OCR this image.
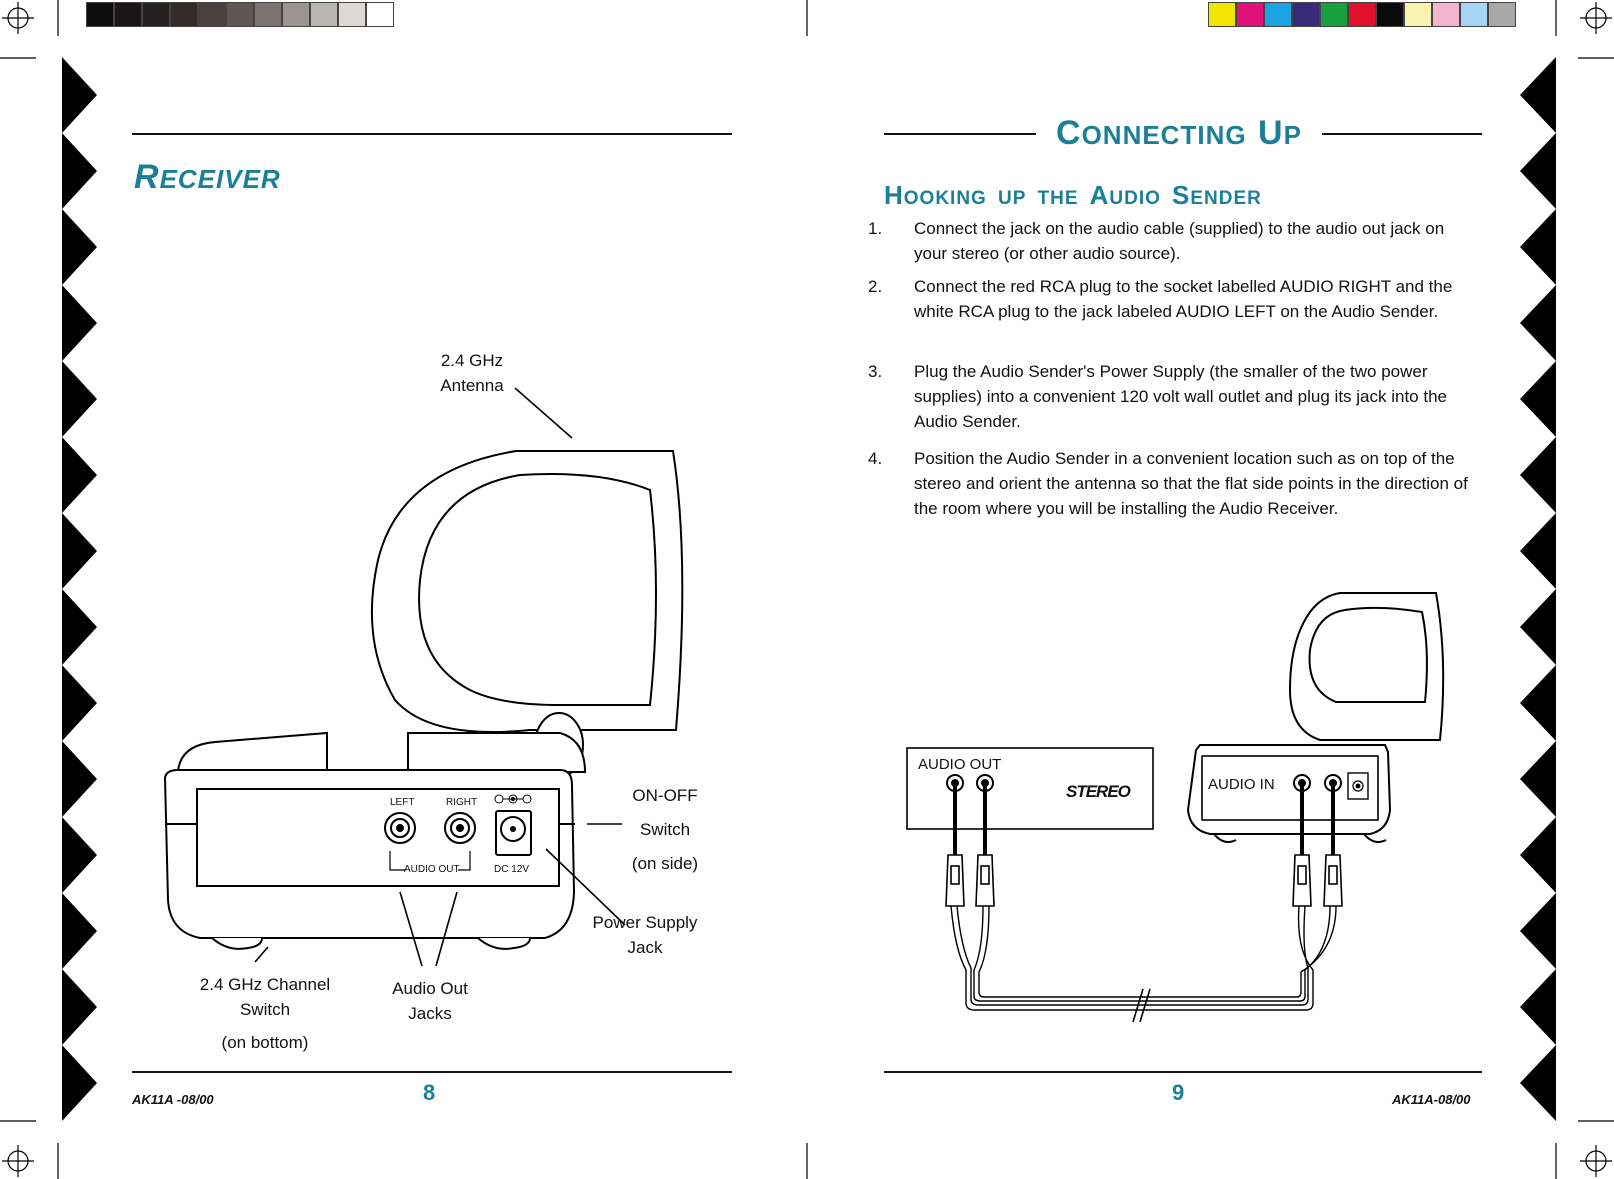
RECEIVER
2.4 GHz
Antenna
LEFT	RIGHT
AUDIO OUT	DC 12V
ON-OFF
Switch
(on side)
Power Supply
Jack
2.4 GHz Channel
Switch
(on bottom)
Audio Out
Jacks
8
AK11A -08/00
CONNECTING UP
HOOKING UP THE AUDIO SENDER
1. Connect the jack on the audio cable (supplied) to the audio out jack on your stereo (or other audio source).
2. Connect the red RCA plug to the socket labelled AUDIO RIGHT and the white RCA plug to the jack labeled AUDIO LEFT on the Audio Sender.
3. Plug the Audio Sender's Power Supply (the smaller of the two power supplies) into a convenient 120 volt wall outlet and plug its jack into the Audio Sender.
4. Position the Audio Sender in a convenient location such as on top of the stereo and orient the antenna so that the flat side points in the direction of the room where you will be installing the Audio Receiver.
AUDIO OUT
STEREO	AUDIO IN
9	AK11A-08/00
